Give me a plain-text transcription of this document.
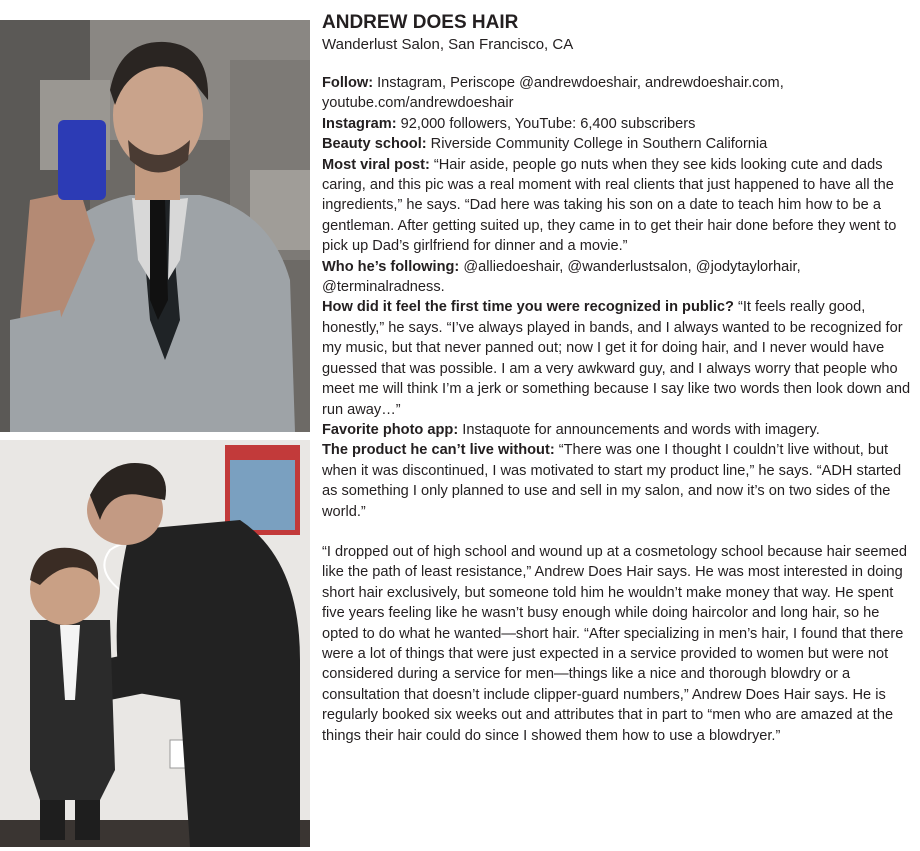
ANDREW DOES HAIR

Wanderlust Salon, San Francisco, CA

Follow: Instagram, Periscope @andrewdoeshair, andrewdoeshair.com, youtube.com/andrewdoeshair

Instagram: 92,000 followers, YouTube: 6,400 subscribers

Beauty school: Riverside Community College in Southern California

Most viral post: “Hair aside, people go nuts when they see kids looking cute and dads caring, and this pic was a real moment with real clients that just happened to have all the ingredients,” he says. “Dad here was taking his son on a date to teach him how to be a gentleman. After getting suited up, they came in to get their hair done before they went to pick up Dad’s girlfriend for dinner and a movie.”

Who he’s following: @alliedoeshair, @wanderlustsalon, @jodytaylorhair, @terminalradness.

How did it feel the first time you were recognized in public? “It feels really good, honestly,” he says. “I’ve always played in bands, and I always wanted to be recognized for my music, but that never panned out; now I get it for doing hair, and I never would have guessed that was possible. I am a very awkward guy, and I always worry that people who meet me will think I’m a jerk or something because I say like two words then look down and run away…”

Favorite photo app: Instaquote for announcements and words with imagery.

The product he can’t live without: “There was one I thought I couldn’t live without, but when it was discontinued, I was motivated to start my product line,” he says. “ADH started as something I only planned to use and sell in my salon, and now it’s on two sides of the world.”

“I dropped out of high school and wound up at a cosmetology school because hair seemed like the path of least resistance,” Andrew Does Hair says. He was most interested in doing short hair exclusively, but someone told him he wouldn’t make money that way. He spent five years feeling like he wasn’t busy enough while doing haircolor and long hair, so he opted to do what he wanted—short hair. “After specializing in men’s hair, I found that there were a lot of things that were just expected in a service provided to women but were not considered during a service for men—things like a nice and thorough blowdry or a consultation that doesn’t include clipper-guard numbers,” Andrew Does Hair says. He is regularly booked six weeks out and attributes that in part to “men who are amazed at the things their hair could do since I showed them how to use a blowdryer.”
